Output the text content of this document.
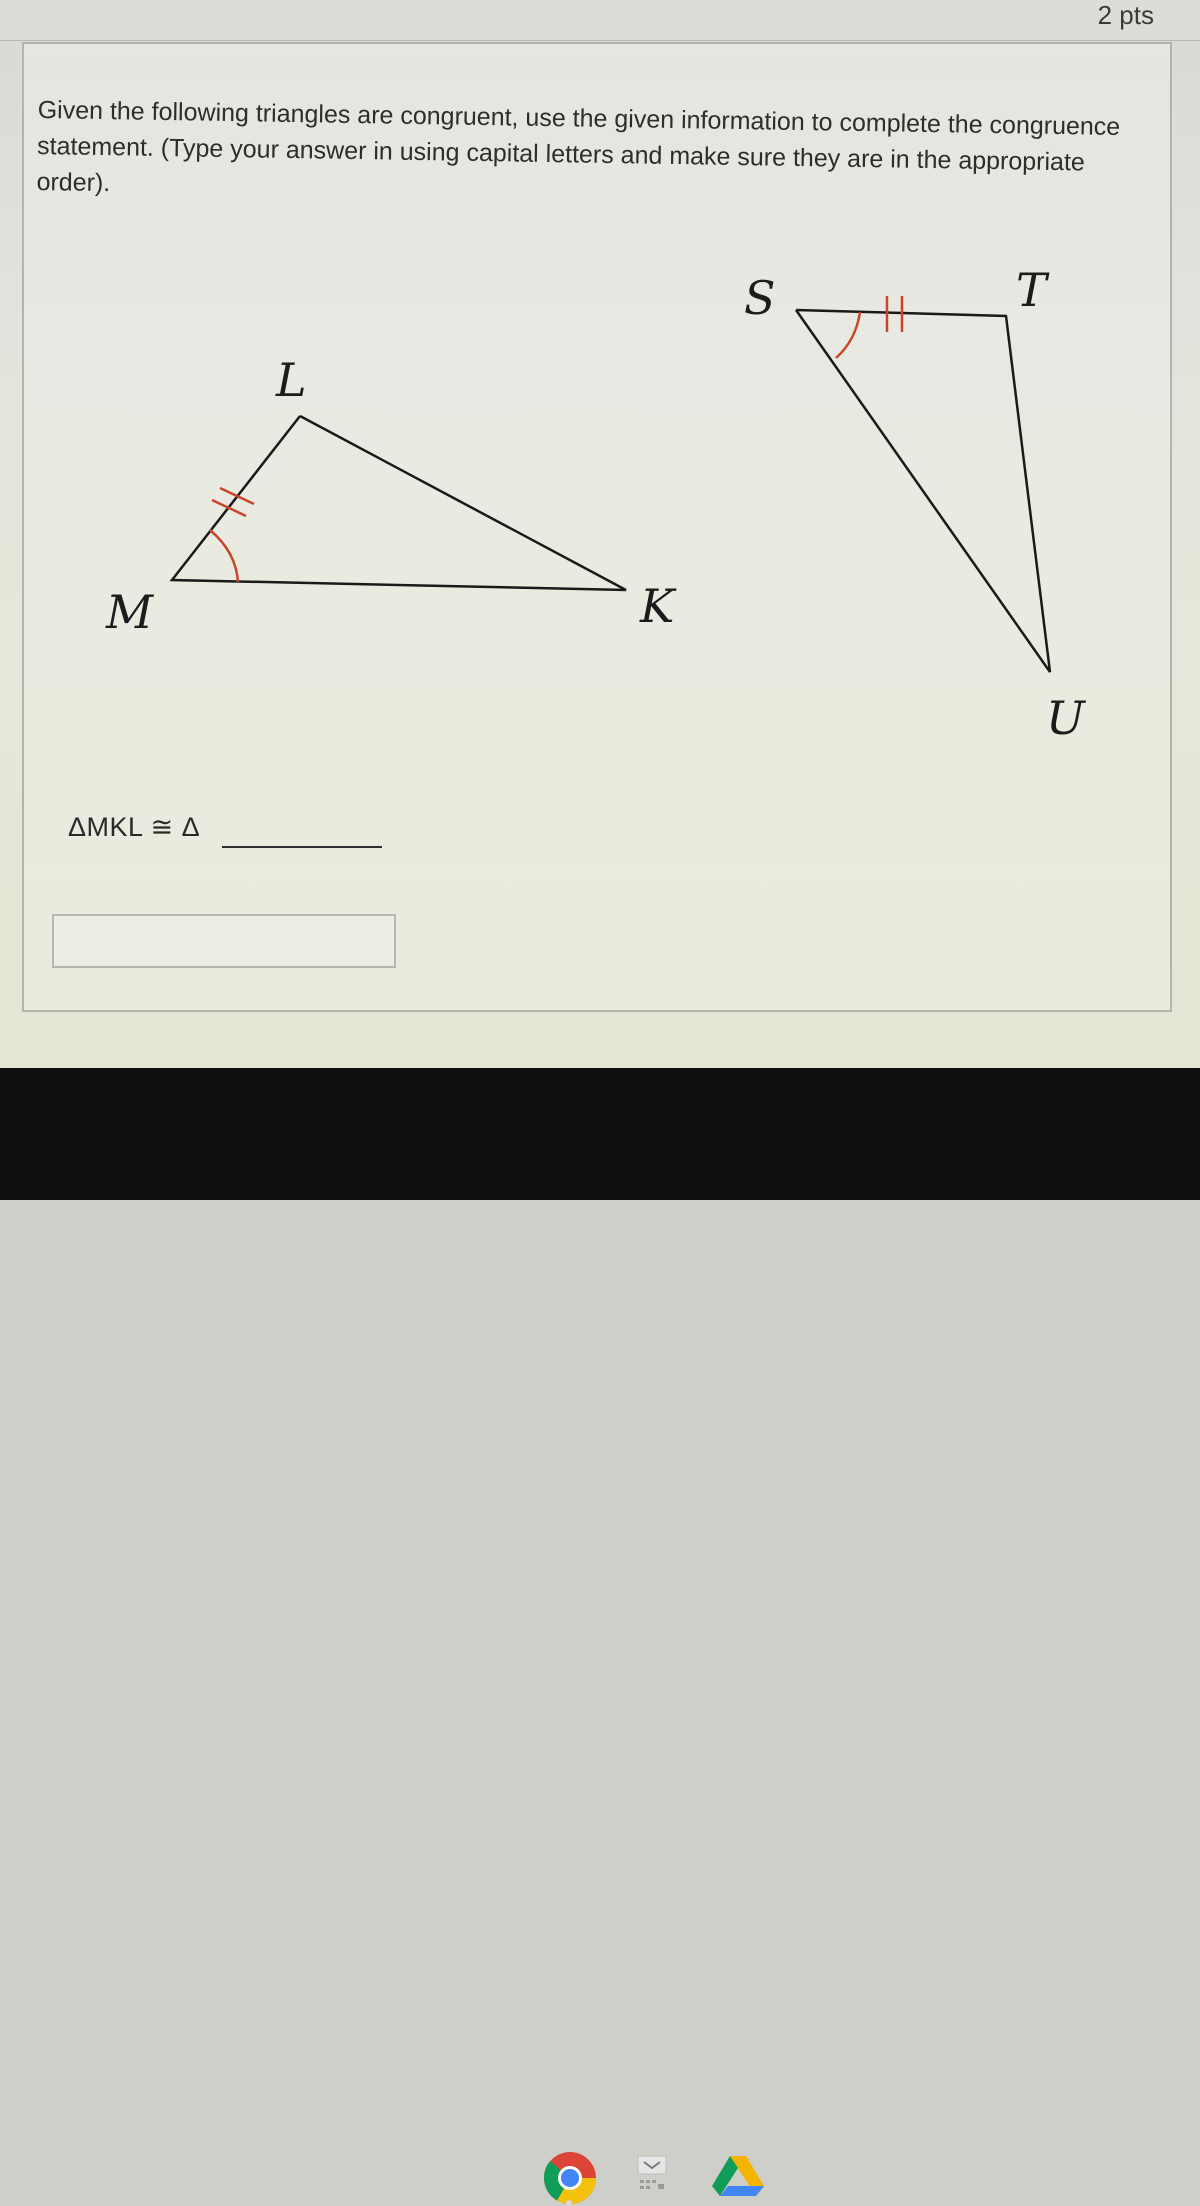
2 pts
Given the following triangles are congruent, use the given information to complete the congruence statement. (Type your answer in using capital letters and make sure they are in the appropriate order).
L
M	K
S	T
U
ΔMKL ≅ Δ
